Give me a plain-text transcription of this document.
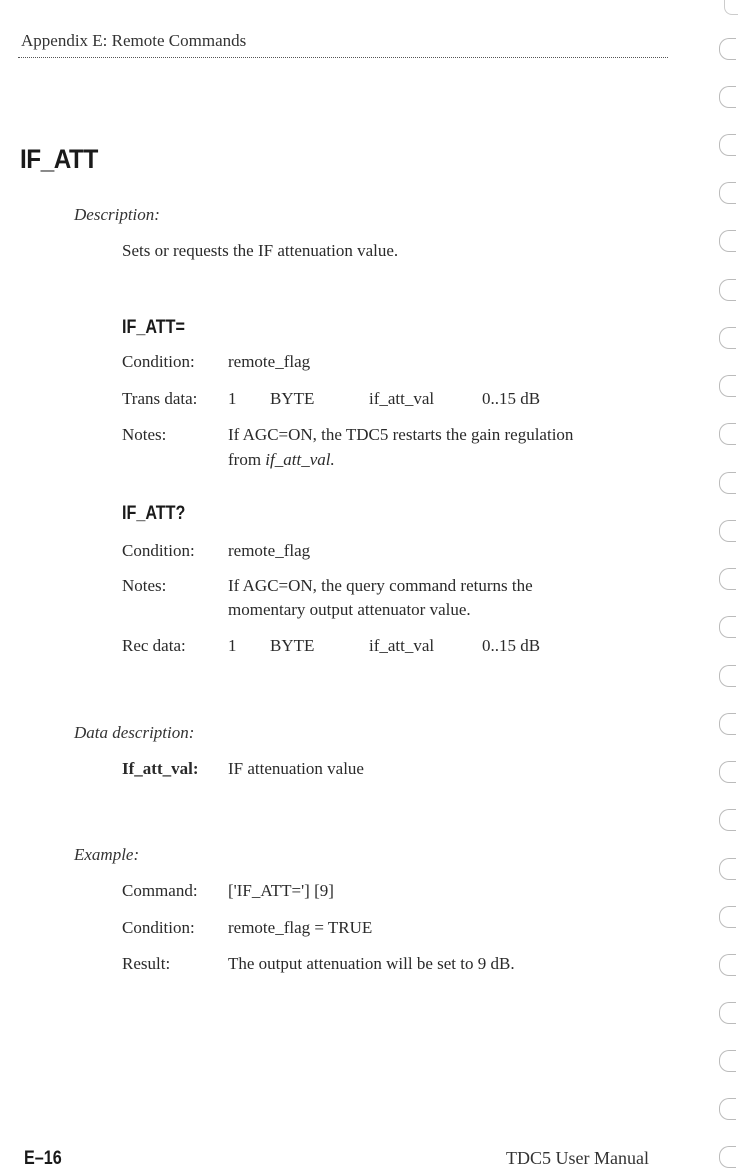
Appendix E: Remote Commands
IF_ATT
Description:
Sets or requests the IF attenuation value.
IF_ATT=
Condition: remote_flag
Trans data: 1 BYTE	if_att_val	0..15 dB
Notes:	If AGC=ON, the TDC5 restarts the gain regulation
from if_att_val.
IF_ATT?
Condition: remote_flag
Notes:	If AGC=ON, the query command returns the
momentary output attenuator value.
Rec data: 1 BYTE	if_att_val	0..15 dB
Data description:
If_att_val: IF attenuation value
Example:
Command: ['IF_ATT='] [9]
Condition: remote_flag = TRUE
Result:	The output attenuation will be set to 9 dB.
E–16	TDC5 User Manual
